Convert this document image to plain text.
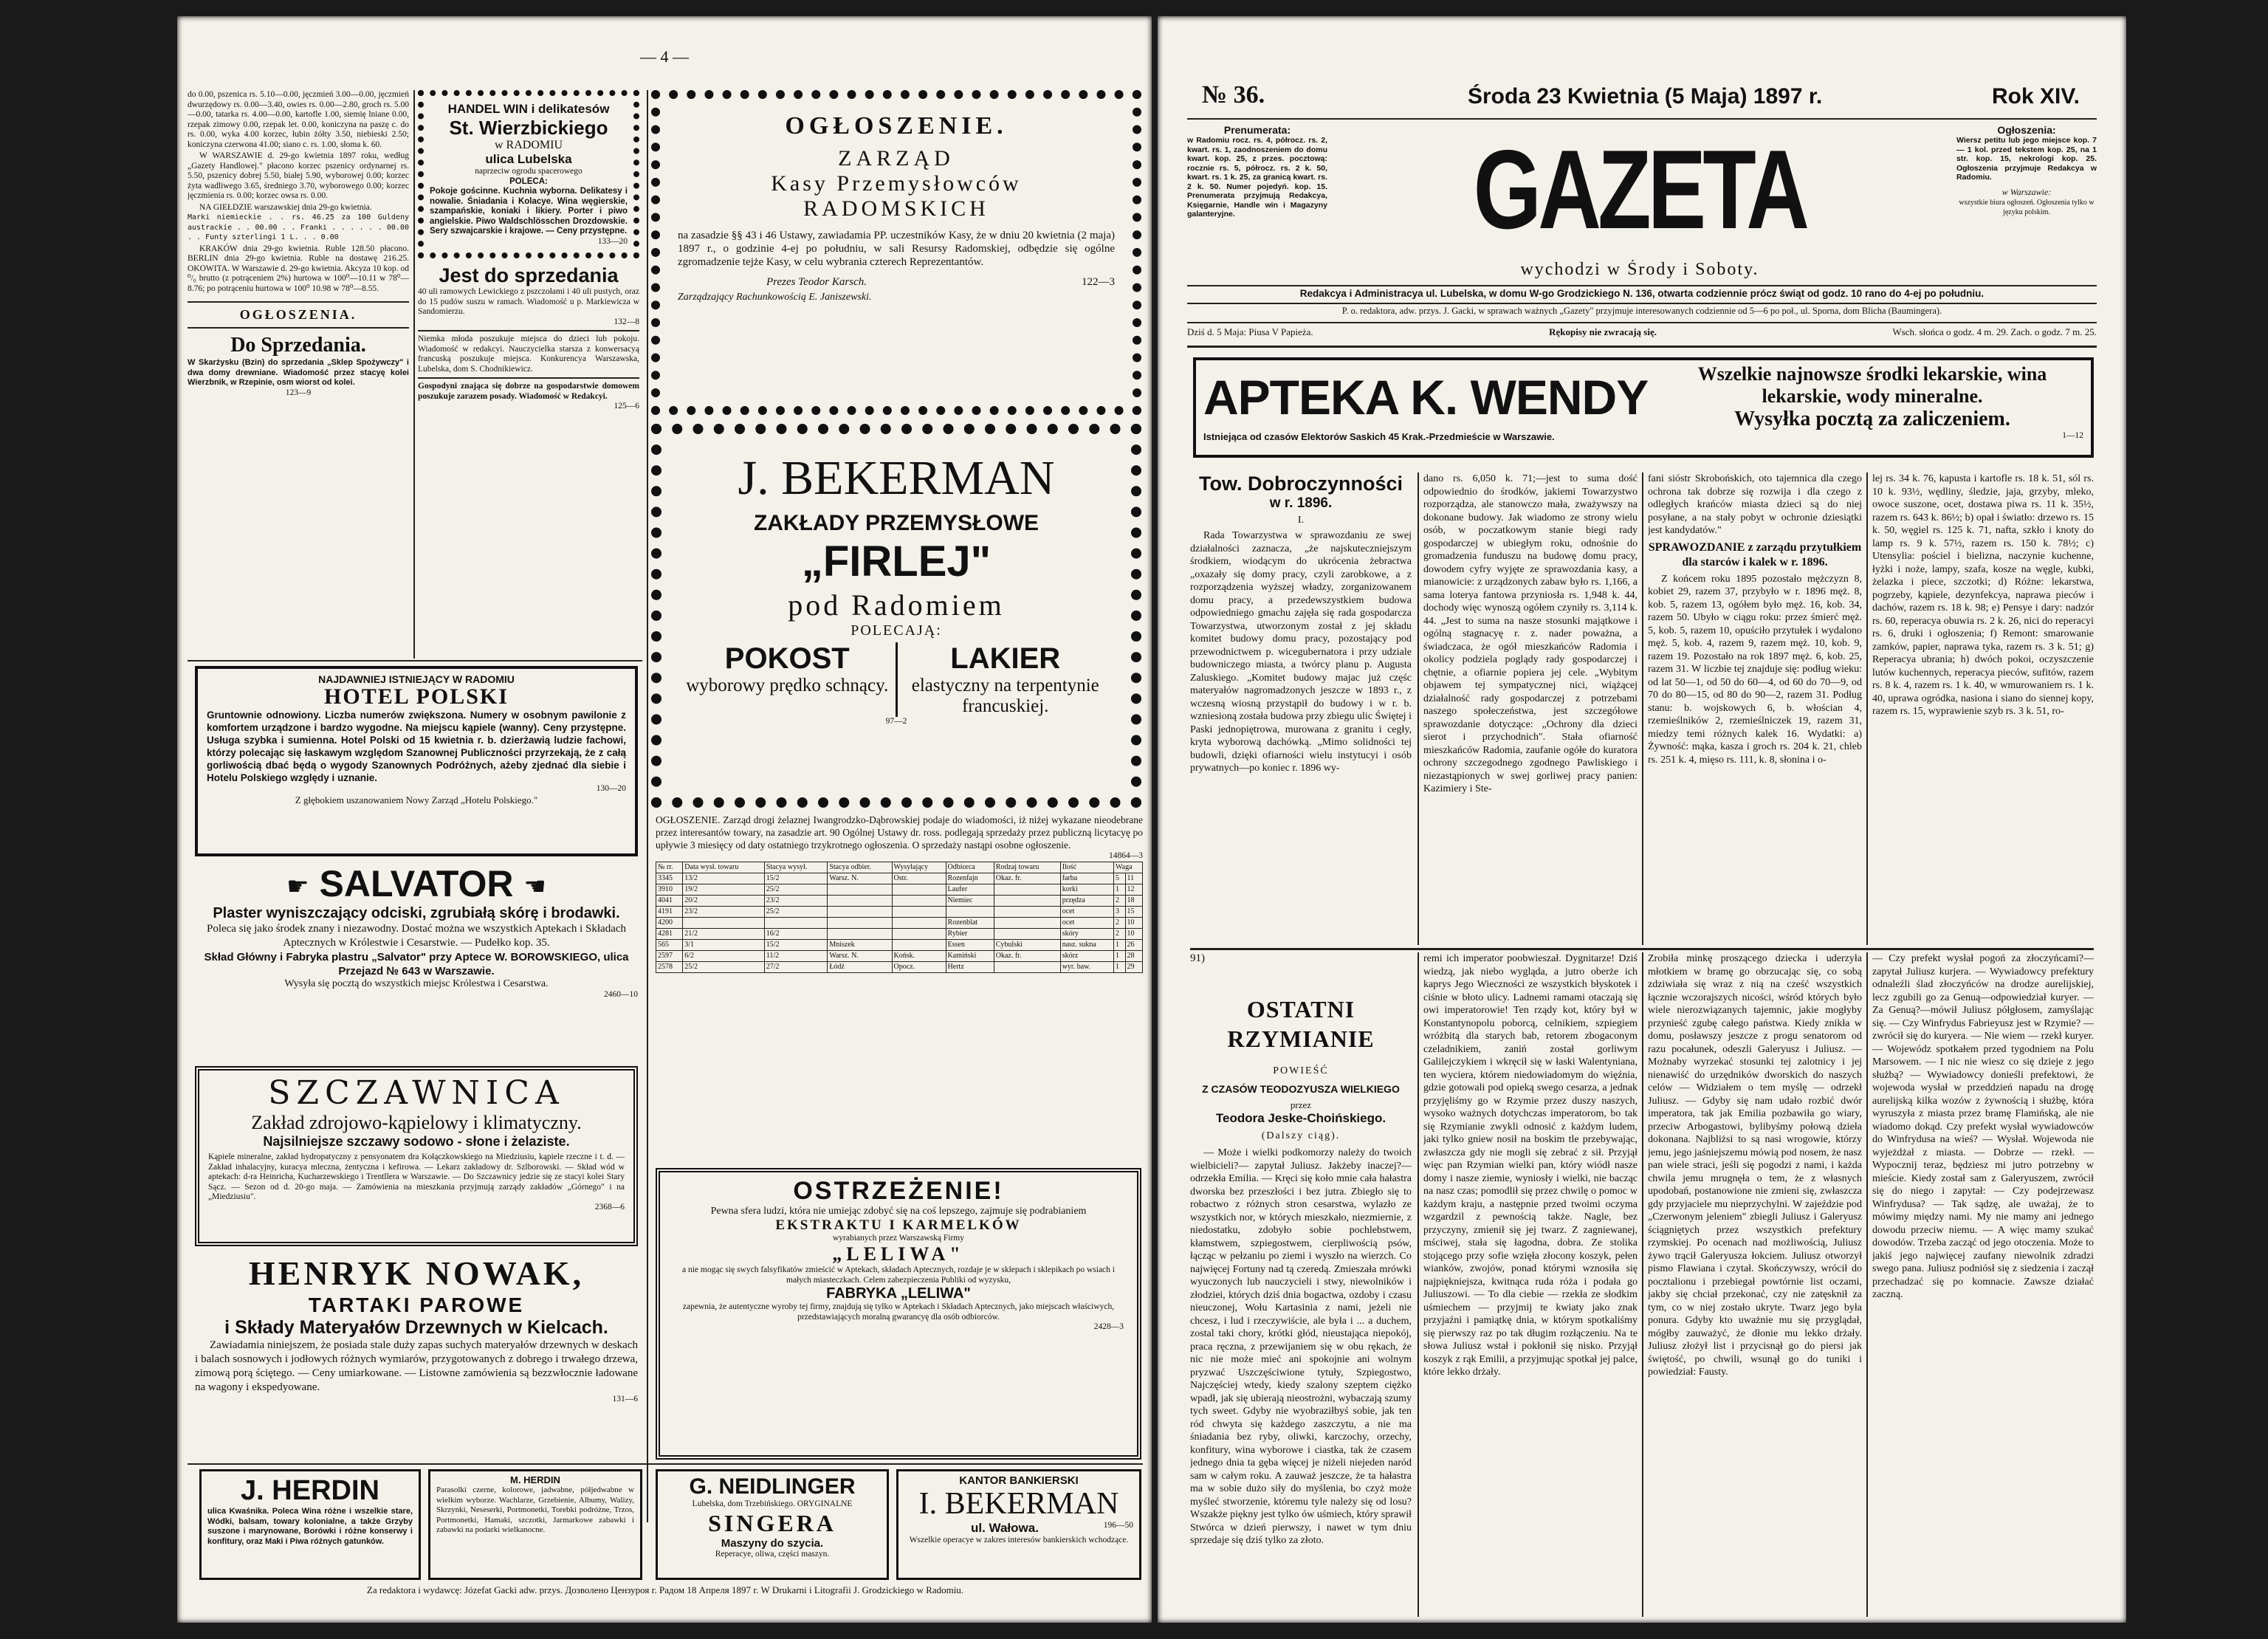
— 4 —

do 0.00, pszenica rs. 5.10—0.00, jęczmień 3.00—0.00, jęczmień dwurzędowy rs. 0.00—3.40, owies rs. 0.00—2.80, groch rs. 5.00—0.00, tatarka rs. 4.00—0.00, kartofle 1.00, siemię lniane 0.00, rzepak zimowy 0.00, rzepak let. 0.00, koniczyna na paszę c. do rs. 0.00, wyka 4.00 korzec, łubin żółty 3.50, niebieski 2.50; koniczyna czerwona 41.00; siano c. rs. 1.00, słoma k. 60.

W WARSZAWIE d. 29-go kwietnia 1897 roku, według „Gazety Handlowej." płacono korzec pszenicy ordynarnej rs. 5.50, pszenicy dobrej 5.50, białej 5.90, wyborowej 0.00; korzec żyta wadliwego 3.65, średniego 3.70, wyborowego 0.00; korzec jęczmienia rs. 0.00; korzec owsa rs. 0.00.

NA GIEŁDZIE warszawskiej dnia 29-go kwietnia.

Marki niemieckie . . rs. 46.25 za 100 Guldeny austrackie . . 00.00 . . Franki . . . . . . 00.00 . . Funty szterlingi 1 L. . . 0.00

KRAKÓW dnia 29-go kwietnia. Ruble 128.50 płacono. BERLIN dnia 29-go kwietnia. Ruble na dostawę 216.25. OKOWITA. W Warszawie d. 29-go kwietnia. Akcyza 10 kop. od ⁰/₀ brutto (z potrąceniem 2%) hurtowa w 100⁰—10.11 w 78⁰—8.76; po potrąceniu hurtowa w 100⁰ 10.98 w 78⁰—8.55.

OGŁOSZENIA.
Do Sprzedania.

W Skarżysku (Bzin) do sprzedania „Sklep Spożywczy" i dwa domy drewniane. Wiadomość przez stacyę kolei Wierzbnik, w Rzepinie, osm wiorst od kolei.

123—9
HANDEL WIN i delikatesów
St. Wierzbickiego
w RADOMIU
ulica Lubelska
naprzeciw ogrodu spacerowego
POLECA:

Pokoje gościnne. Kuchnia wyborna. Delikatesy i nowalie. Śniadania i Kolacye. Wina węgierskie, szampańskie, koniaki i likiery. Porter i piwo angielskie. Piwo Waldschlösschen Drozdowskie. Sery szwajcarskie i krajowe. — Ceny przystępne.

133—20
Jest do sprzedania

40 uli ramowych Lewickiego z pszczołami i 40 uli pustych, oraz do 15 pudów suszu w ramach. Wiadomość u p. Markiewicza w Sandomierzu.

132—8

Niemka młoda poszukuje miejsca do dzieci lub pokoju. Wiadomość w redakcyi. Nauczycielka starsza z konwersacyą francuską poszukuje miejsca. Konkurencya Warszawska, Lubelska, dom S. Chodnikiewicz.

Gospodyni znająca się dobrze na gospodarstwie domowem poszukuje zarazem posady. Wiadomość w Redakcyi.

125—6
OGŁOSZENIE.
ZARZĄD
Kasy Przemysłowców
RADOMSKICH

na zasadzie §§ 43 i 46 Ustawy, zawiadamia PP. uczestników Kasy, że w dniu 20 kwietnia (2 maja) 1897 r., o godzinie 4-ej po południu, w sali Resursy Radomskiej, odbędzie się ogólne zgromadzenie tejże Kasy, w celu wybrania czterech Reprezentantów.

Prezes Teodor Karsch.	122—3
Zarządzający Rachunkowością E. Janiszewski.
J. BEKERMAN
ZAKŁADY PRZEMYSŁOWE
„FIRLEJ"
pod Radomiem
POLECAJĄ:
POKOST
wyborowy prędko schnący.
LAKIER
elastyczny na terpentynie francuskiej.
97—2

OGŁOSZENIE. Zarząd drogi żelaznej Iwangrodzko-Dąbrowskiej podaje do wiadomości, iż niżej wykazane nieodebrane przez interesantów towary, na zasadzie art. 90 Ogólnej Ustawy dr. ross. podlegają sprzedaży przez publiczną licytacyę po upływie 3 miesięcy od daty ostatniego trzykrotnego ogłoszenia. O sprzedaży nastąpi osobne ogłoszenie.

14864—3
№ rr.	Data wysł. towaru	Stacya wysył.	Stacya odbier.	Wysyłający	Odbiorca	Rodzaj towaru	Ilość	Waga	
3345	13/2	15/2	Warsz. N.	Ostr.	Rozenfajn	Okaz. fr.	farba	5	11
3910	19/2	25/2			Laufer		korki	1	12
4041	20/2	23/2			Niemiec		przędza	2	18
4191	23/2	25/2					ocet	3	15
4200					Rozenblat		ocet	2	10
4281	21/2	16/2			Rybier		skóry	2	10
565	3/1	15/2	Mniszek		Essen	Cybulski	nasz. sukna	1	26
2597	6/2	11/2	Warsz. N.	Końsk.	Kamiński	Okaz. fr.	skórz	1	28
2578	25/2	27/2	Łódź	Opocz.	Hertz		wyr. baw.	1	29
OSTRZEŻENIE!

Pewna sfera ludzi, która nie umiejąc zdobyć się na coś lepszego, zajmuje się podrabianiem

EKSTRAKTU I KARMELKÓW
wyrabianych przez Warszawską Firmy
„LELIWA"

a nie mogąc się swych falsyfikatów zmieścić w Aptekach, składach Aptecznych, rozdaje je w sklepach i sklepikach po wsiach i małych miasteczkach. Celem zabezpieczenia Publiki od wyzysku,

FABRYKA „LELIWA"

zapewnia, że autentyczne wyroby tej firmy, znajdują się tylko w Aptekach i Składach Aptecznych, jako miejscach właściwych, przedstawiających moralną gwarancyę dla osób odbiorców.

2428—3
NAJDAWNIEJ ISTNIEJĄCY W RADOMIU
HOTEL POLSKI

Gruntownie odnowiony. Liczba numerów zwiększona. Numery w osobnym pawilonie z komfortem urządzone i bardzo wygodne. Na miejscu kąpiele (wanny). Ceny przystępne. Usługa szybka i sumienna. Hotel Polski od 15 kwietnia r. b. dzierżawią ludzie fachowi, którzy polecając się łaskawym względom Szanownej Publiczności przyrzekają, że z całą gorliwością dbać będą o wygody Szanownych Podróżnych, ażeby zjednać dla siebie i Hotelu Polskiego względy i uznanie.

130—20
Z głębokiem uszanowaniem Nowy Zarząd „Hotelu Polskiego."
☛ SALVATOR ☚
Plaster wyniszczający odciski, zgrubiałą skórę i brodawki.

Poleca się jako środek znany i niezawodny. Dostać można we wszystkich Aptekach i Składach Aptecznych w Królestwie i Cesarstwie. — Pudełko kop. 35.

Skład Główny i Fabryka plastru „Salvator" przy Aptece W. BOROWSKIEGO, ulica Przejazd № 643 w Warszawie.

Wysyła się pocztą do wszystkich miejsc Królestwa i Cesarstwa.

2460—10
SZCZAWNICA
Zakład zdrojowo-kąpielowy i klimatyczny.
Najsilniejsze szczawy sodowo - słone i żelaziste.

Kąpiele mineralne, zakład hydropatyczny z pensyonatem dra Kołączkowskiego na Miedziusiu, kąpiele rzeczne i t. d. — Zakład inhalacyjny, kuracya mleczna, żentyczna i kefirowa. — Lekarz zakładowy dr. Szlborowski. — Skład wód w aptekach: d-ra Heinricha, Kucharzewskiego i Trentllera w Warszawie. — Do Szczawnicy jedzie się ze stacyi kolei Stary Sącz. — Sezon od d. 20-go maja. — Zamówienia na mieszkania przyjmują zarządy zakładów „Górnego" i na „Miedziusiu".

2368—6
HENRYK NOWAK,
TARTAKI PAROWE
i Składy Materyałów Drzewnych w Kielcach.

Zawiadamia niniejszem, że posiada stale duży zapas suchych materyałów drzewnych w deskach i balach sosnowych i jodłowych różnych wymiarów, przygotowanych z dobrego i trwałego drzewa, zimową porą ściętego. — Ceny umiarkowane. — Listowne zamówienia są bezzwłocznie ładowane na wagony i ekspedyowane.

131—6
J. HERDIN

ulica Kwaśnika. Poleca Wina różne i wszelkie stare, Wódki, balsam, towary kolonialne, a także Grzyby suszone i marynowane, Borówki i różne konserwy i konfitury, oraz Maki i Piwa różnych gatunków.

M. HERDIN

Parasolki czerne, kolorowe, jadwabne, półjedwabne w wielkim wyborze. Wachlarze, Grzebienie, Albumy, Walizy, Skrzynki, Neseserki, Portmonetki, Torebki podróżne, Trzos, Portmonetki, Hamaki, szczotki, Jarmarkowe zabawki i zabawki na podarki wielkanocne.

G. NEIDLINGER
Lubelska, dom Trzebińskiego. ORYGINALNE
SINGERA
Maszyny do szycia.
Reperacye, oliwa, części maszyn.
KANTOR BANKIERSKI
I. BEKERMAN
ul. Wałowa.	196—50

Wszelkie operacye w zakres interesów bankierskich wchodzące.

Za redaktora i wydawcę: Józefat Gacki adw. przys. Дозволено Цензуроя г. Радом 18 Апреля 1897 г. W Drukarni i Litografii J. Grodzickiego w Radomiu.
№ 36.	Środa 23 Kwietnia (5 Maja) 1897 r.	Rok XIV.
Prenumerata:

w Radomiu rocz. rs. 4, półrocz. rs. 2, kwart. rs. 1, zaodnoszeniem do domu kwart. kop. 25, z przes. pocztową: rocznie rs. 5, półrocz. rs. 2 k. 50, kwart. rs. 1 k. 25, za granicą kwart. rs. 2 k. 50. Numer pojedyń. kop. 15. Prenumerata przyjmują Redakcya, Księgarnie, Handle win i Magazyny galanteryjne.	GAZETA	Ogłoszenia:

Wiersz petitu lub jego miejsce kop. 7 — 1 kol. przed tekstem kop. 25, na 1 str. kop. 15, nekrologi kop. 25. Ogłoszenia przyjmuje Redakcya w Radomiu.

w Warszawie:

wszystkie biura ogłoszeń. Ogłoszenia tylko w języku polskim.

wychodzi w Środy i Soboty.
Redakcya i Administracya ul. Lubelska, w domu W-go Grodzickiego N. 136, otwarta codziennie prócz świąt od godz. 10 rano do 4-ej po południu.
P. o. redaktora, adw. przys. J. Gacki, w sprawach ważnych „Gazety" przyjmuje interesowanych codziennie od 5—6 po poł., ul. Sporna, dom Blicha (Baumingera).
Dziś d. 5 Maja: Piusa V Papieża.	Rękopisy nie zwracają się.	Wsch. słońca o godz. 4 m. 29. Zach. o godz. 7 m. 25.
APTEKA K. WENDY	Wszelkie najnowsze środki lekarskie, wina lekarskie, wody mineralne.
Wysyłka pocztą za zaliczeniem.
Istniejąca od czasów Elektorów Saskich 45 Krak.-Przedmieście w Warszawie.	1—12
Tow. Dobroczynności
w r. 1896.
I.

Rada Towarzystwa w sprawozdaniu ze swej działalności zaznacza, „że najskuteczniejszym środkiem, wiodącym do ukrócenia żebractwa „oxazały się domy pracy, czyli zarobkowe, a z rozporządzenia wyższej władzy, zorganizowanem domu pracy, a przedewszystkiem budowa odpowiedniego gmachu zajęła się rada gospodarcza Towarzystwa, utworzonym został z jej składu komitet budowy domu pracy, pozostający pod przewodnictwem p. wicegubernatora i przy udziale budowniczego miasta, a twórcy planu p. Augusta Zaluskiego. „Komitet budowy majac już częśc materyałów nagromadzonych jeszcze w 1893 r., z wczesną wiosną przystąpił do budowy i w r. b. wzniesioną została budowa przy zbiegu ulic Świętej i Paski jednopiętrowa, murowana z granitu i cegły, kryta wyborową dachówką. „Mimo solidności tej budowli, dzięki ofiarności wielu instytucyi i osób prywatnych—po koniec r. 1896 wy-

dano rs. 6,050 k. 71;—jest to suma dość odpowiednio do środków, jakiemi Towarzystwo rozporządza, ale stanowczo mała, zważywszy na dokonane budowy. Jak wiadomo ze strony wielu osób, w poczatkowym stanie biegi rady gospodarczej w ubiegłym roku, odnośnie do gromadzenia funduszu na budowę domu pracy, dowodem cyfry wyjęte ze sprawozdania kasy, a mianowicie: z urządzonych zabaw było rs. 1,166, a sama loterya fantowa przyniosła rs. 1,948 k. 44, dochody więc wynoszą ogółem czyniły rs. 3,114 k. 44. „Jest to suma na nasze stosunki majątkowe i ogólną stagnacyę r. z. nader poważna, a świadczaca, że ogół mieszkańców Radomia i okolicy podziela poglądy rady gospodarczej i chętnie, a ofiarnie popiera jej cele. „Wybitym objawem tej sympatycznej nici, wiążącej działalność rady gospodarczej z potrzebami naszego społeczeństwa, jest szczegółowe sprawozdanie dotyczące: „Ochrony dla dzieci sierot i przychodnich". Stała ofiarność mieszkańców Radomia, zaufanie ogółe do kuratora ochrony szczegodnego zgodnego Pawliskiego i niezastąpionych w swej gorliwej pracy panien: Kazimiery i Ste-

fani sióstr Skrobońskich, oto tajemnica dla czego ochrona tak dobrze się rozwija i dla czego z odległych krańców miasta dzieci są do niej posyłane, a na stały pobyt w ochronie dziesiątki jest kandydatów."

SPRAWOZDANIE z zarządu przytułkiem dla starców i kalek w r. 1896.

Z końcem roku 1895 pozostało mężczyzn 8, kobiet 29, razem 37, przybyło w r. 1896 męż. 8, kob. 5, razem 13, ogółem było męż. 16, kob. 34, razem 50. Ubyło w ciągu roku: przez śmierć męż. 5, kob. 5, razem 10, opuściło przytułek i wydalono męż. 5, kob. 4, razem 9, razem męż. 10, kob. 9, razem 19. Pozostało na rok 1897 męż. 6, kob. 25, razem 31. W liczbie tej znajduje się: podług wieku: od lat 50—1, od 50 do 60—4, od 60 do 70—9, od 70 do 80—15, od 80 do 90—2, razem 31. Podług stanu: b. wojskowych 6, b. włościan 4, rzemieślników 2, rzemieślniczek 19, razem 31, miedzy temi różnych kalek 16. Wydatki: a) Żywność: mąka, kasza i groch rs. 204 k. 21, chleb rs. 251 k. 4, mięso rs. 111, k. 8, słonina i o-

lej rs. 34 k. 76, kapusta i kartofle rs. 18 k. 51, sól rs. 10 k. 93½, wędliny, śledzie, jaja, grzyby, mleko, owoce suszone, ocet, dostawa piwa rs. 11 k. 35½, razem rs. 643 k. 86½; b) opał i światło: drzewo rs. 15 k. 50, węgiel rs. 125 k. 71, nafta, szkło i knoty do lamp rs. 9 k. 57½, razem rs. 150 k. 78½; c) Utensylia: pościel i bielizna, naczynie kuchenne, łyżki i noże, lampy, szafa, kosze na węgle, kubki, żelazka i piece, szczotki; d) Różne: lekarstwa, pogrzeby, kąpiele, dezynfekcya, naprawa pieców i dachów, razem rs. 18 k. 98; e) Pensye i dary: nadzór rs. 60, reperacya obuwia rs. 2 k. 26, nici do reperacyi rs. 6, druki i ogłoszenia; f) Remont: smarowanie zamków, papier, naprawa tyka, razem rs. 3 k. 51; g) Reperacya ubrania; h) dwóch pokoi, oczyszczenie lutów kuchennych, reperacya pieców, sufitów, razem rs. 8 k. 4, razem rs. 1 k. 40, w wmurowaniem rs. 1 k. 40, uprawa ogródka, nasiona i siano do siennej kopy, razem rs. 15, wyprawienie szyb rs. 3 k. 51, ro-

91)
OSTATNI RZYMIANIE
POWIEŚĆ
Z CZASÓW TEODOZYUSZA WIELKIEGO
przez
Teodora Jeske-Choińskiego.
(Dalszy ciąg).

— Może i wielki podkomorzy należy do twoich wielbicieli?— zapytał Juliusz. Jakżeby inaczej?— odrzekła Emilia. — Kręci się koło mnie cała hałastra dworska bez przeszłości i bez jutra. Zbiegło się to robactwo z różnych stron cesarstwa, wylazło ze wszystkich nor, w których mieszkało, niezmiernie, z niedostatku, zdobyło sobie pochlebstwem, kłamstwem, szpiegostwem, cierpliwością psów, łącząc w pełzaniu po ziemi i wyszło na wierzch. Co najwięcej Fortuny nad tą czeredą. Zmieszała mrówki wyuczonych lub nauczycieli i stwy, niewolników i złodziei, których dziś dnia bogactwa, ozdoby i czasu nieuczonej, Wołu Kartasinia z nami, jeżeli nie chcesz, i lud i rzeczywiście, ale była i ... a duchem, zostal taki chory, krótki głód, nieustająca niepokój, praca ręczna, z przewijaniem się w obu rękach, że nic nie może mieć ani spokojnie ani wolnym pryzwać Uszczęściwione tytuły, Szpiegostwo, Najczęściej wtedy, kiedy szalony szeptem ciężko wpadł, jak się ubierają nieostrożni, wybaczają szumy tych sweet. Gdyby nie wyobraziłbyś sobie, jak ten ród chwyta się każdego zaszczytu, a nie ma śniadania bez ryby, oliwki, karczochy, orzechy, konfitury, wina wyborowe i ciastka, tak że czasem jednego dnia ta gęba więcej je niżeli niejeden naród sam w całym roku. A zauważ jeszcze, że ta hałastra ma w sobie dużo siły do myślenia, bo czyż może myśleć stworzenie, któremu tyle należy się od losu? Wszakże piękny jest tylko ów uśmiech, który sprawił Stwórca w dzień pierwszy, i nawet w tym dniu sprzedaje się dziś tylko za złoto.

remi ich imperator poobwieszał. Dygnitarze! Dziś wiedzą, jak niebo wygląda, a jutro oberże ich kaprys Jego Wieczności ze wszystkich błyskotek i ciśnie w błoto ulicy. Ladnemi ramami otaczają się owi imperatorowie! Ten rządy kot, który był w Konstantynopolu poborcą, celnikiem, szpiegiem wróżbitą dla starych bab, retorem zbogaconym czeladnikiem, zaniń został gorliwym Galilejczykiem i wkręcił się w łaski Walentyniana, ten wyciera, którem niedowiadomym do więźnia, gdzie gotowali pod opieką swego cesarza, a jednak przyjęliśmy go w Rzymie przez duszy naszych, wysoko ważnych dotychczas imperatorom, bo tak się Rzymianie zwykli odnosić z każdym ludem, jaki tylko gniew nosił na boskim tle przebywając, zwłaszcza gdy nie mogli się zebrać z sił. Przyjął więc pan Rzymian wielki pan, który wiódł nasze domy i nasze ziemie, wyniosły i wielki, nie bacząc na nasz czas; pomodlił się przez chwilę o pomoc w każdym kraju, a następnie przed twoimi oczyma wzgardzil z pewnością także. Nagle, bez przyczyny, zmienił się jej twarz. Z zagniewanej, mściwej, stała się łagodna, dobra. Ze stolika stojącego przy sofie wzięła złocony koszyk, pełen wianków, zwojów, ponad którymi wznosiła się najpiękniejsza, kwitnąca ruda róża i podała go Juliuszowi. — To dla ciebie — rzekła ze słodkim uśmiechem — przyjmij te kwiaty jako znak przyjaźni i pamiątkę dnia, w którym spotkaliśmy się pierwszy raz po tak długim rozłączeniu. Na te słowa Juliusz wstał i pokłonił się nisko. Przyjął koszyk z rąk Emilii, a przyjmując spotkał jej palce, które lekko drżały.

Zrobiła minkę proszącego dziecka i uderzyła młotkiem w bramę go obrzucając się, co sobą zdziwiała się wraz z nią na cześć wszystkich łącznie wczorajszych nicości, wśród których było wiele nierozwiązanych tajemnic, jakie mogłyby przynieść zgubę całego państwa. Kiedy znikła w domu, posławszy jeszcze z progu senatorom od razu pocałunek, odeszli Galeryusz i Juliusz. — Możnaby wyrzekać stosunki tej zalotnicy i jej nienawiść do urzędników dworskich do naszych celów — Widziałem o tem myślę — odrzekł Juliusz. — Gdyby się nam udało rozbić dwór imperatora, tak jak Emilia pozbawiła go wiary, przeciw Arbogastowi, bylibyśmy połową dzieła dokonana. Najbliżsi to są nasi wrogowie, którzy jemu, jego jaśniejszemu mówią pod nosem, że nasz pan wiele straci, jeśli się pogodzi z nami, i każda chwila jemu mrugnęła o tem, że z własnych upodobań, postanowione nie zmieni się, zwłaszcza gdy przyjaciele mu nieprzychylni. W zajeździe pod „Czerwonym jeleniem" zbiegli Juliusz i Galeryusz ściągniętych przez wszystkich prefektury rzymskiej. Po ocenach nad możliwością, Juliusz żywo trącił Galeryusza łokciem. Juliusz otworzył pismo Flawiana i czytał. Skończywszy, wrócił do pocztalionu i przebiegał powtórnie list oczami, jakby się chciał przekonać, czy nie zatęsknił za tym, co w niej zostało ukryte. Twarz jego była ponura. Gdyby kto uważnie mu się przyglądał, mógłby zauważyć, że dłonie mu lekko drżały. Juliusz złożył list i przycisnął go do piersi jak świętość, po chwili, wsunął go do tuniki i powiedział: Fausty.

— Czy prefekt wysłał pogoń za złoczyńcami?— zapytał Juliusz kurjera. — Wywiadowcy prefektury odnaleźli ślad złoczyńców na drodze aurelijskiej, lecz zgubili go za Genuą—odpowiedział kuryer. — Za Genuą?—mówił Juliusz półgłosem, zamyślając się. — Czy Winfrydus Fabrieyusz jest w Rzymie? — zwrócił się do kuryera. — Nie wiem — rzekł kuryer. — Wojewódz spotkałem przed tygodniem na Polu Marsowem. — I nic nie wiesz co się dzieje z jego służbą? — Wywiadowcy donieśli prefektowi, że wojewoda wysłał w przeddzień napadu na drogę aurelijską kilka wozów z żywnością i służbę, która wyruszyła z miasta przez bramę Flamińską, ale nie wiadomo dokąd. Czy prefekt wysłał wywiadowców do Winfrydusa na wieś? — Wysłał. Wojewoda nie wyjeżdżał z miasta. — Dobrze — rzekł. — Wypocznij teraz, będziesz mi jutro potrzebny w mieście. Kiedy został sam z Galeryuszem, zwrócił się do niego i zapytał: — Czy podejrzewasz Winfrydusa? — Tak sądzę, ale uważaj, że to mówimy między nami. My nie mamy ani jednego dowodu przeciw niemu. — A więc mamy szukać dowodów. Trzeba zacząć od jego otoczenia. Może to jakiś jego najwięcej zaufany niewolnik zdradzi swego pana. Juliusz podniósł się z siedzenia i zaczął przechadzać się po komnacie. Zawsze działać zaczną.
